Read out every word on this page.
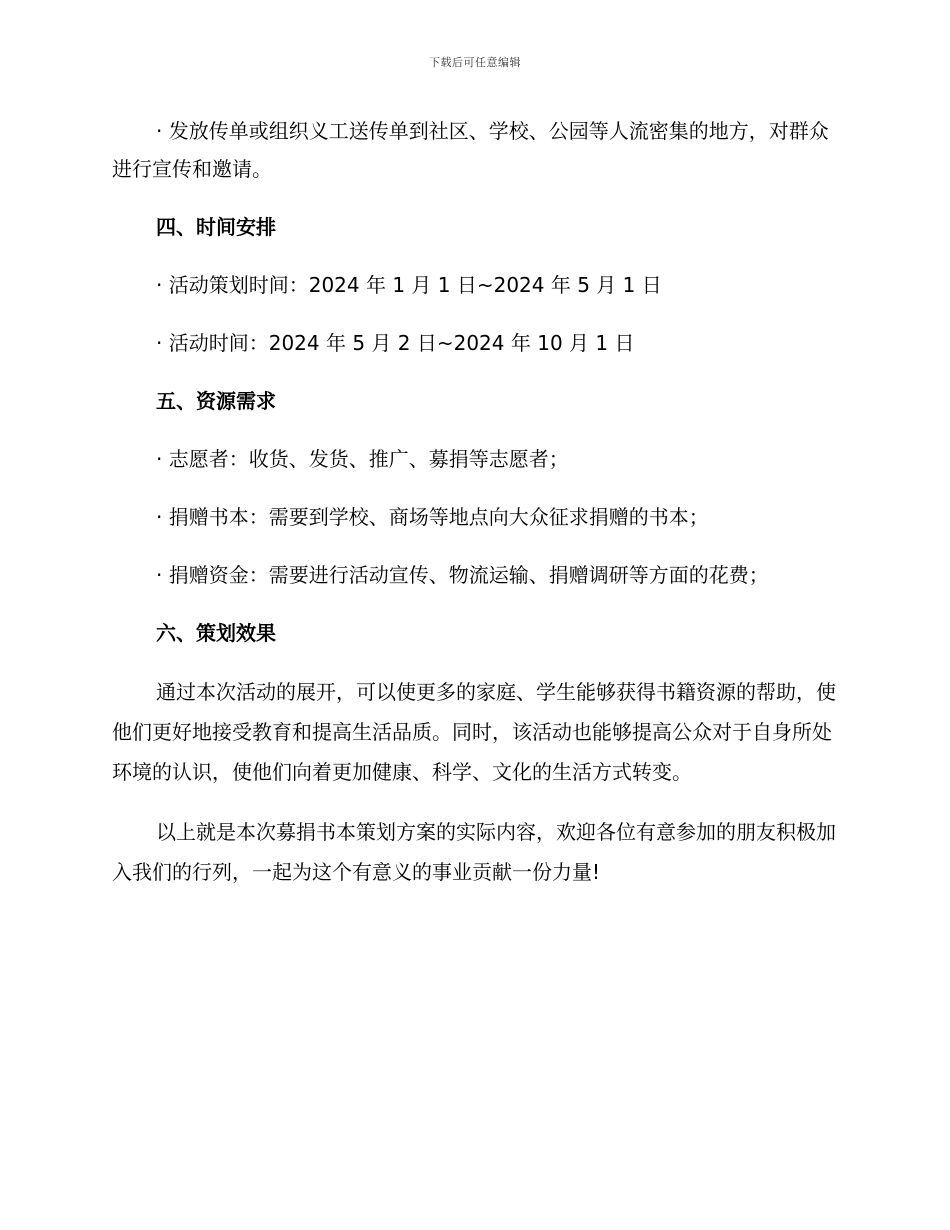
下载后可任意编辑

· 发放传单或组织义工送传单到社区、学校、公园等人流密集的地方，对群众进行宣传和邀请。

四、时间安排

· 活动策划时间：2024 年 1 月 1 日~2024 年 5 月 1 日

· 活动时间：2024 年 5 月 2 日~2024 年 10 月 1 日

五、资源需求

· 志愿者：收货、发货、推广、募捐等志愿者；

· 捐赠书本：需要到学校、商场等地点向大众征求捐赠的书本；

· 捐赠资金：需要进行活动宣传、物流运输、捐赠调研等方面的花费；

六、策划效果

通过本次活动的展开，可以使更多的家庭、学生能够获得书籍资源的帮助，使他们更好地接受教育和提高生活品质。同时，该活动也能够提高公众对于自身所处环境的认识，使他们向着更加健康、科学、文化的生活方式转变。

以上就是本次募捐书本策划方案的实际内容，欢迎各位有意参加的朋友积极加入我们的行列，一起为这个有意义的事业贡献一份力量!
